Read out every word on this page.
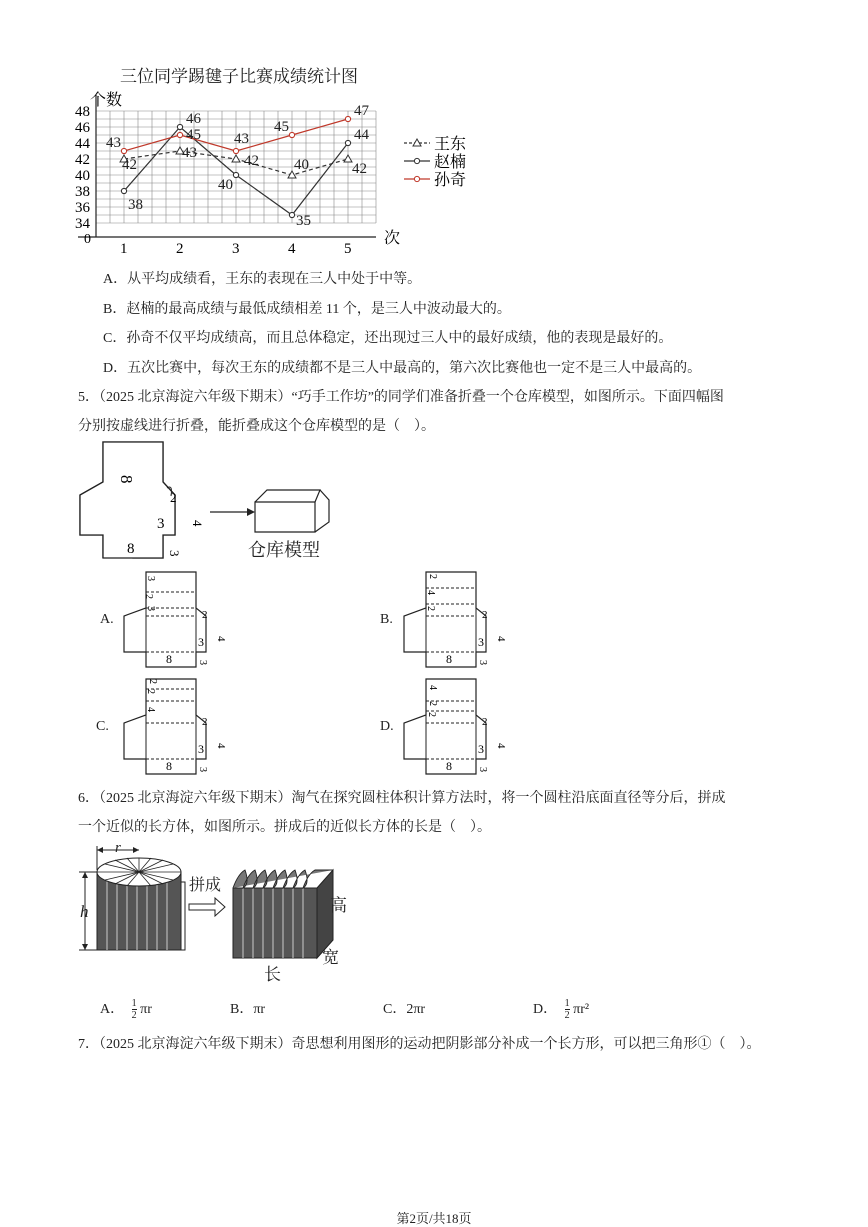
三位同学踢毽子比赛成绩统计图
个数
34
36
38
40
42
44
46
48
0
1	2	3	4	5
次
42
43	42 40	42
38
46
40
35
44
43	45 43
45
47
王东
赵楠
孙奇
A．从平均成绩看，王东的表现在三人中处于中等。
B．赵楠的最高成绩与最低成绩相差 11 个，是三人中波动最大的。
C．孙奇不仅平均成绩高，而且总体稳定，还出现过三人中的最好成绩，他的表现是最好的。
D．五次比赛中，每次王东的成绩都不是三人中最高的，第六次比赛他也一定不是三人中最高的。
5．（2025 北京海淀六年级下期末）“巧手工作坊”的同学们准备折叠一个仓库模型，如图所示。下面四幅图
分别按虚线进行折叠，能折叠成这个仓库模型的是（　）。
8
2
3 4
8	3	仓库模型
A.	B.
C.	D.
3
2
3
2
3 4
8	3
2
4
2
2
3 4
8	3
2
2
4
2
3 4
8	3
4
2
2
2
3 4
8	3
6．（2025 北京海淀六年级下期末）淘气在探究圆柱体积计算方法时，将一个圆柱沿底面直径等分后，拼成
一个近似的长方体，如图所示。拼成后的近似长方体的长是（　）。
r
h
拼成
高
宽
长
A． $\frac{1}{2}$ πr	B．πr	C．2πr	D． $\frac{1}{2} \pi r^2$
7．（2025 北京海淀六年级下期末）奇思想利用图形的运动把阴影部分补成一个长方形，可以把三角形①（　）。
第2页/共18页
